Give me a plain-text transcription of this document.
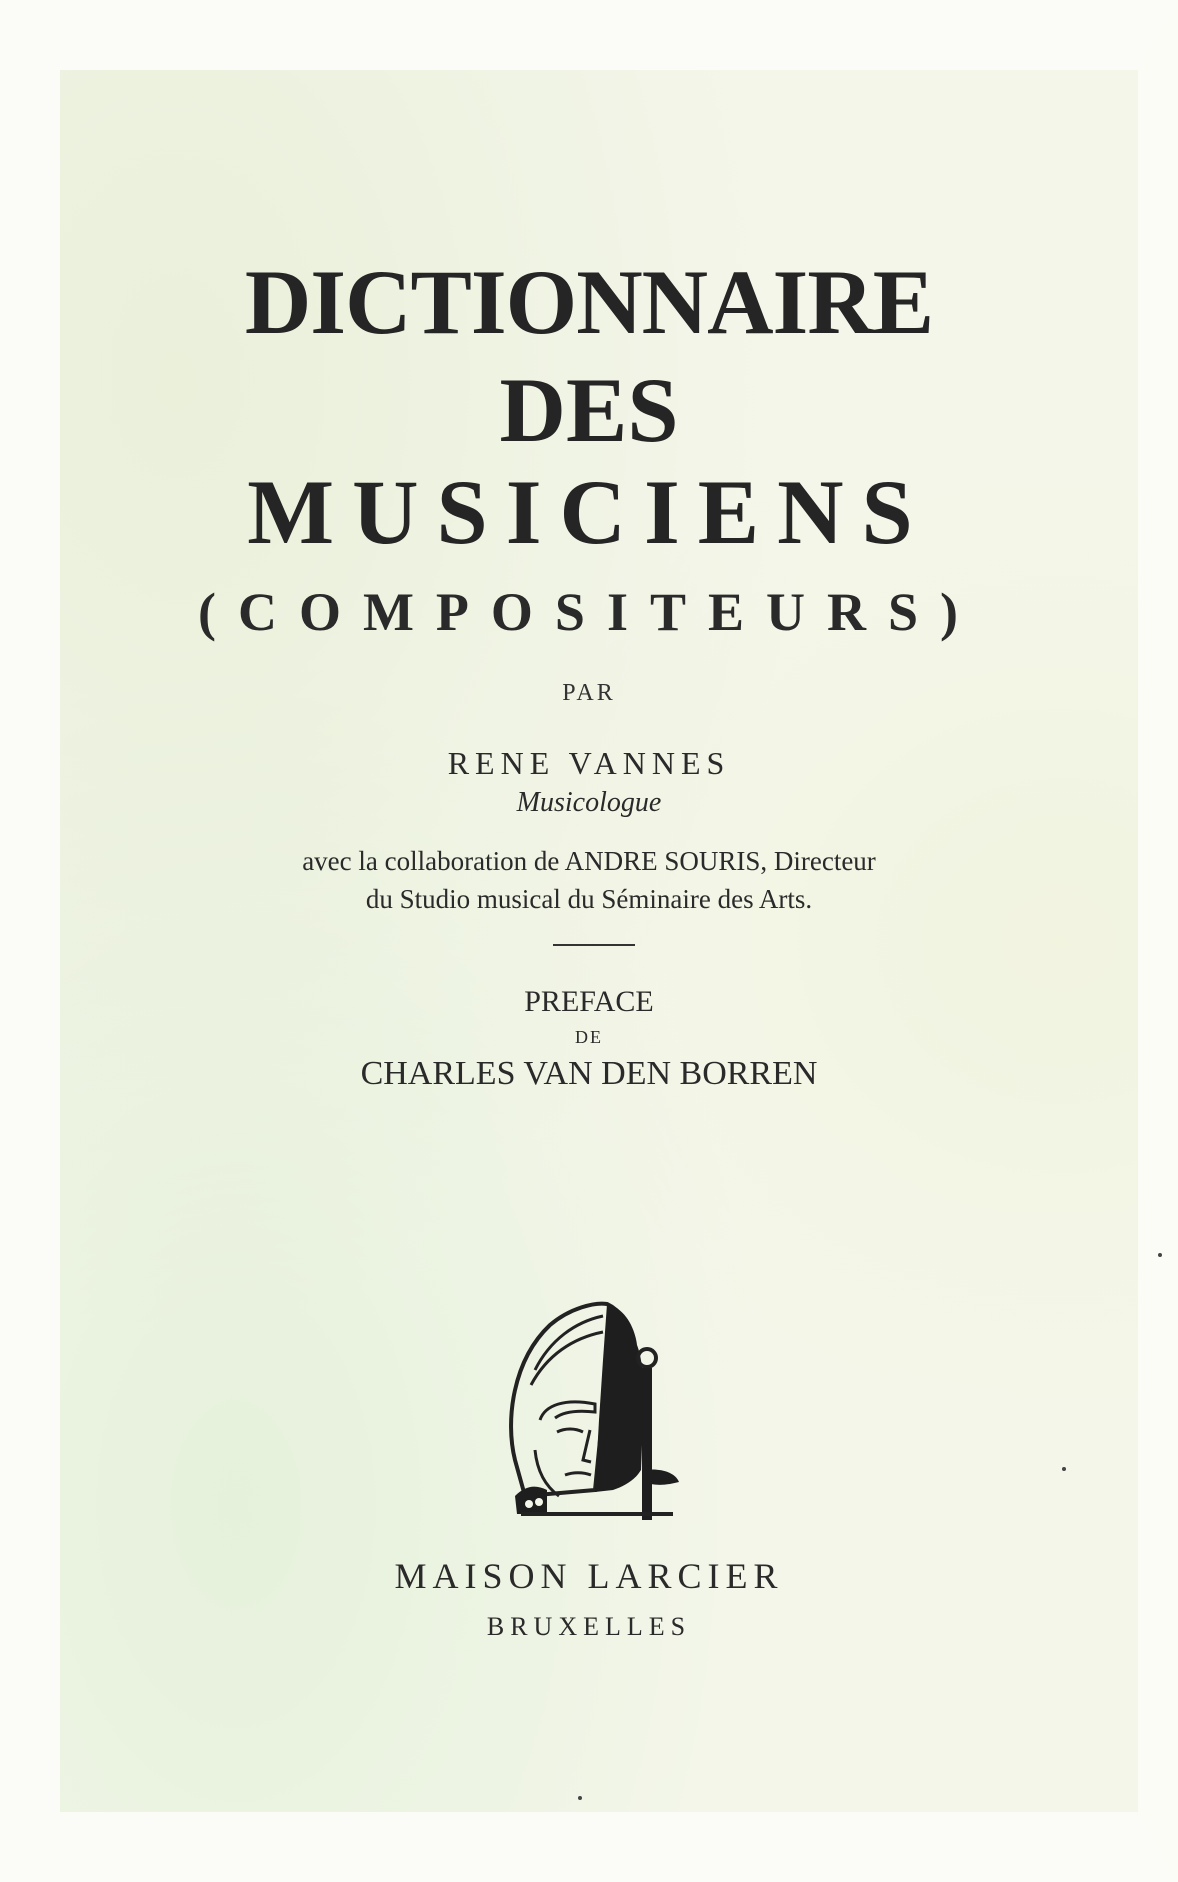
DICTIONNAIRE
DES
MUSICIENS
(COMPOSITEURS)

PAR

RENE VANNES

Musicologue

avec la collaboration de ANDRE SOURIS, Directeur

du Studio musical du Séminaire des Arts.

PREFACE

DE

CHARLES VAN DEN BORREN

MAISON LARCIER

BRUXELLES
